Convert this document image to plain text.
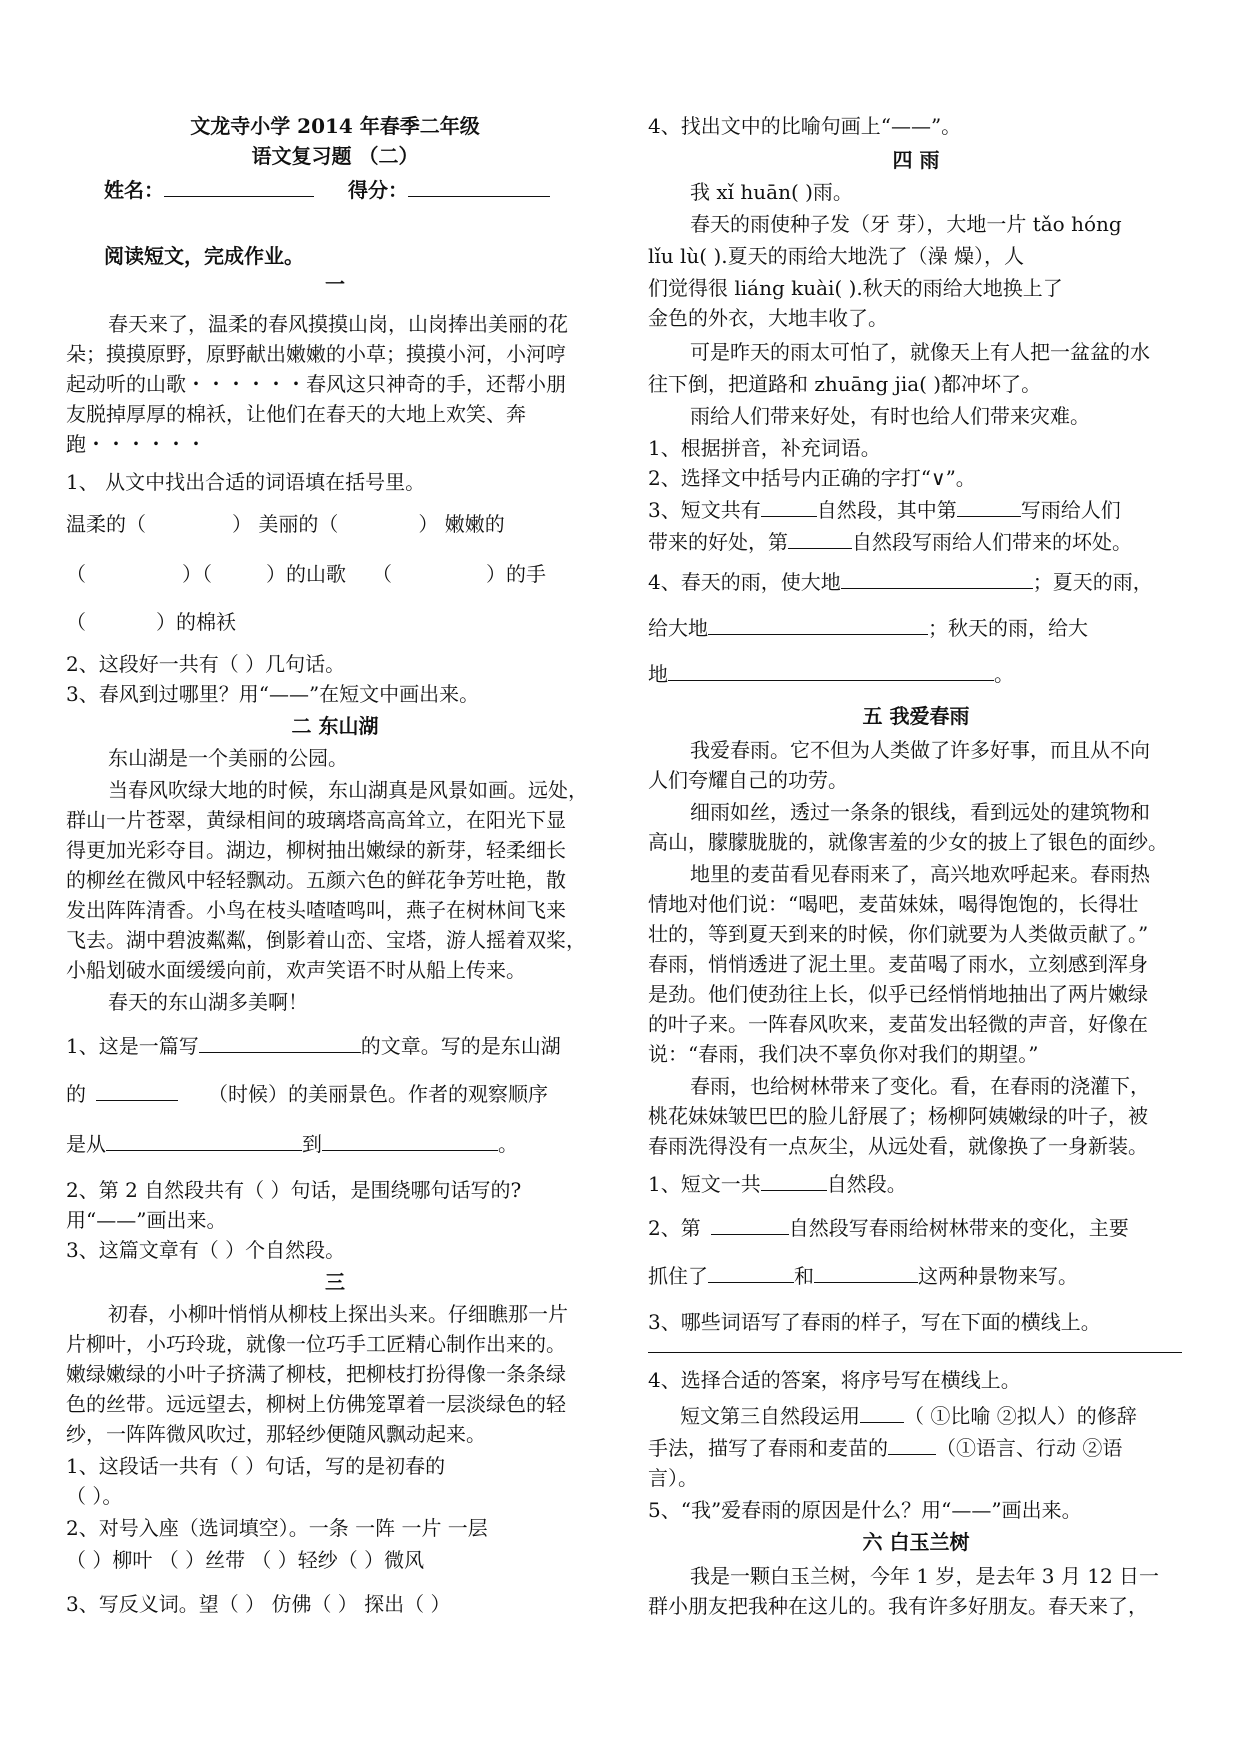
文龙寺小学 2014 年春季二年级
语文复习题 （二）
姓名：	得分：
阅读短文，完成作业。
一
春天来了，温柔的春风摸摸山岗，山岗捧出美丽的花
朵；摸摸原野，原野献出嫩嫩的小草；摸摸小河，小河哼
起动听的山歌・・・・・・春风这只神奇的手，还帮小朋
友脱掉厚厚的棉袄，让他们在春天的大地上欢笑、奔
跑・・・・・・
1、 从文中找出合适的词语填在括号里。
温柔的（	） 美丽的（	） 嫩嫩的
（	）（	）的山歌 （	）的手
（	）的棉袄
2、这段好一共有（ ）几句话。
3、春风到过哪里？用“——”在短文中画出来。
二 东山湖
东山湖是一个美丽的公园。
当春风吹绿大地的时候，东山湖真是风景如画。远处，
群山一片苍翠，黄绿相间的玻璃塔高高耸立，在阳光下显
得更加光彩夺目。湖边，柳树抽出嫩绿的新芽，轻柔细长
的柳丝在微风中轻轻飘动。五颜六色的鲜花争芳吐艳，散
发出阵阵清香。小鸟在枝头喳喳鸣叫，燕子在树林间飞来
飞去。湖中碧波粼粼，倒影着山峦、宝塔，游人摇着双桨，
小船划破水面缓缓向前，欢声笑语不时从船上传来。
春天的东山湖多美啊！
1、这是一篇写	的文章。写的是东山湖
的	（时候）的美丽景色。作者的观察顺序
是从	到	。
2、第 2 自然段共有（ ）句话，是围绕哪句话写的?
用“——”画出来。
3、这篇文章有（ ）个自然段。
三
初春，小柳叶悄悄从柳枝上探出头来。仔细瞧那一片
片柳叶，小巧玲珑，就像一位巧手工匠精心制作出来的。
嫩绿嫩绿的小叶子挤满了柳枝，把柳枝打扮得像一条条绿
色的丝带。远远望去，柳树上仿佛笼罩着一层淡绿色的轻
纱，一阵阵微风吹过，那轻纱便随风飘动起来。
1、这段话一共有（ ）句话，写的是初春的
（ ）。
2、对号入座（选词填空）。一条 一阵 一片 一层
（ ）柳叶 （ ）丝带 （ ）轻纱（ ）微风
3、写反义词。望（ ） 仿佛（ ） 探出（ ）
4、找出文中的比喻句画上“——”。
四 雨
我 xǐ huān( )雨。
春天的雨使种子发（牙 芽），大地一片 tǎo hóng
lǐu lù( ).夏天的雨给大地洗了（澡 燥），人
们觉得很 liáng kuài( ).秋天的雨给大地换上了
金色的外衣，大地丰收了。
可是昨天的雨太可怕了，就像天上有人把一盆盆的水
往下倒，把道路和 zhuāng jia( )都冲坏了。
雨给人们带来好处，有时也给人们带来灾难。
1、根据拼音，补充词语。
2、选择文中括号内正确的字打“∨”。
3、短文共有	自然段，其中第	写雨给人们
带来的好处，第	自然段写雨给人们带来的坏处。
4、春天的雨，使大地	；夏天的雨，
给大地	；秋天的雨，给大
地	。
五 我爱春雨
我爱春雨。它不但为人类做了许多好事，而且从不向
人们夸耀自己的功劳。
细雨如丝，透过一条条的银线，看到远处的建筑物和
高山，朦朦胧胧的，就像害羞的少女的披上了银色的面纱。
地里的麦苗看见春雨来了，高兴地欢呼起来。春雨热
情地对他们说：“喝吧，麦苗妹妹，喝得饱饱的，长得壮
壮的，等到夏天到来的时候，你们就要为人类做贡献了。”
春雨，悄悄透进了泥土里。麦苗喝了雨水，立刻感到浑身
是劲。他们使劲往上长，似乎已经悄悄地抽出了两片嫩绿
的叶子来。一阵春风吹来，麦苗发出轻微的声音，好像在
说：“春雨，我们决不辜负你对我们的期望。”
春雨，也给树林带来了变化。看，在春雨的浇灌下，
桃花妹妹皱巴巴的脸儿舒展了；杨柳阿姨嫩绿的叶子，被
春雨洗得没有一点灰尘，从远处看，就像换了一身新装。
1、短文一共	自然段。
2、第	自然段写春雨给树林带来的变化，主要
抓住了	和	这两种景物来写。
3、哪些词语写了春雨的样子，写在下面的横线上。
4、选择合适的答案，将序号写在横线上。
短文第三自然段运用 （ ①比喻 ②拟人）的修辞
手法，描写了春雨和麦苗的 （①语言、行动 ②语
言）。
5、“我”爱春雨的原因是什么？用“——”画出来。
六 白玉兰树
我是一颗白玉兰树，今年 1 岁，是去年 3 月 12 日一
群小朋友把我种在这儿的。我有许多好朋友。春天来了，
